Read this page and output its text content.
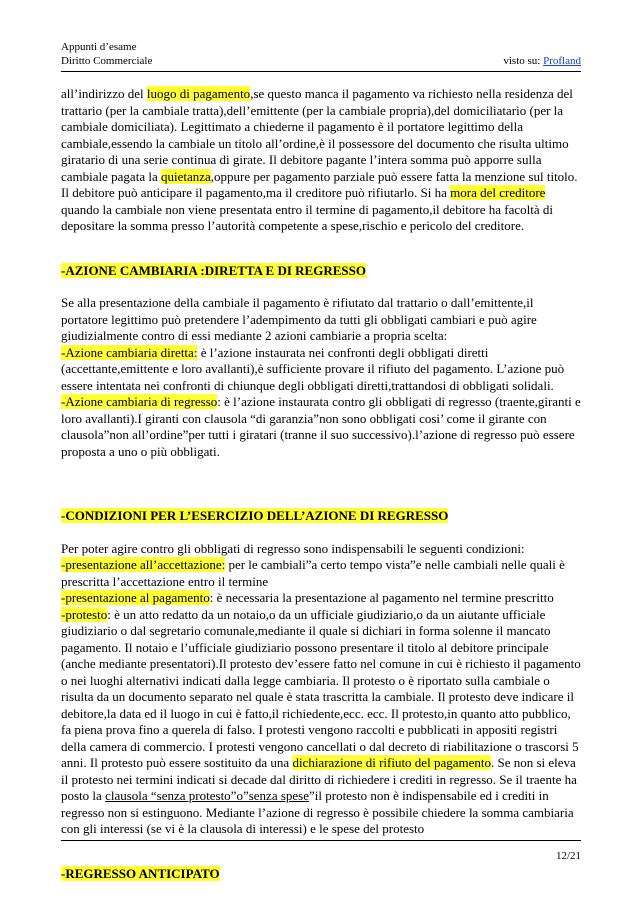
Appunti d’esame
Diritto Commerciale	visto su: Profland

all’indirizzo del luogo di pagamento,se questo manca il pagamento va richiesto nella residenza del trattario (per la cambiale tratta),dell’emittente (per la cambiale propria),del domiciliatario (per la cambiale domiciliata). Legittimato a chiederne il pagamento è il portatore legittimo della cambiale,essendo la cambiale un titolo all’ordine,è il possessore del documento che risulta ultimo giratario di una serie continua di girate. Il debitore pagante l’intera somma può apporre sulla cambiale pagata la quietanza,oppure per pagamento parziale può essere fatta la menzione sul titolo. Il debitore può anticipare il pagamento,ma il creditore può rifiutarlo. Si ha mora del creditore quando la cambiale non viene presentata entro il termine di pagamento,il debitore ha facoltà di depositare la somma presso l’autorità competente a spese,rischio e pericolo del creditore.

-AZIONE CAMBIARIA :DIRETTA E DI REGRESSO

Se alla presentazione della cambiale il pagamento è rifiutato dal trattario o dall’emittente,il portatore legittimo può pretendere l’adempimento da tutti gli obbligati cambiari e può agire giudizialmente contro di essi mediante 2 azioni cambiarie a propria scelta:
-Azione cambiaria diretta: è l’azione instaurata nei confronti degli obbligati diretti (accettante,emittente e loro avallanti),è sufficiente provare il rifiuto del pagamento. L’azione può essere intentata nei confronti di chiunque degli obbligati diretti,trattandosi di obbligati solidali.
-Azione cambiaria di regresso: è l’azione instaurata contro gli obbligati di regresso (traente,giranti e loro avallanti).I giranti con clausola “di garanzia”non sono obbligati cosi’ come il girante con clausola”non all’ordine”per tutti i giratari (tranne il suo successivo).l’azione di regresso può essere proposta a uno o più obbligati.

-CONDIZIONI PER L’ESERCIZIO DELL’AZIONE DI REGRESSO

Per poter agire contro gli obbligati di regresso sono indispensabili le seguenti condizioni:
-presentazione all’accettazione: per le cambiali”a certo tempo vista”e nelle cambiali nelle quali è prescritta l’accettazione entro il termine
-presentazione al pagamento: è necessaria la presentazione al pagamento nel termine prescritto
-protesto: è un atto redatto da un notaio,o da un ufficiale giudiziario,o da un aiutante ufficiale giudiziario o dal segretario comunale,mediante il quale si dichiari in forma solenne il mancato pagamento. Il notaio e l’ufficiale giudiziario possono presentare il titolo al debitore principale (anche mediante presentatori).Il protesto dev’essere fatto nel comune in cui è richiesto il pagamento o nei luoghi alternativi indicati dalla legge cambiaria. Il protesto o è riportato sulla cambiale o risulta da un documento separato nel quale è stata trascritta la cambiale. Il protesto deve indicare il debitore,la data ed il luogo in cui è fatto,il richiedente,ecc. ecc. Il protesto,in quanto atto pubblico, fa piena prova fino a querela di falso. I protesti vengono raccolti e pubblicati in appositi registri della camera di commercio. I protesti vengono cancellati o dal decreto di riabilitazione o trascorsi 5 anni. Il protesto può essere sostituito da una dichiarazione di rifiuto del pagamento. Se non si eleva il protesto nei termini indicati si decade dal diritto di richiedere i crediti in regresso. Se il traente ha posto la clausola “senza protesto”o”senza spese”il protesto non è indispensabile ed i crediti in regresso non si estinguono. Mediante l’azione di regresso è possibile chiedere la somma cambiaria con gli interessi (se vi è la clausola di interessi) e le spese del protesto

-REGRESSO ANTICIPATO

12/21
